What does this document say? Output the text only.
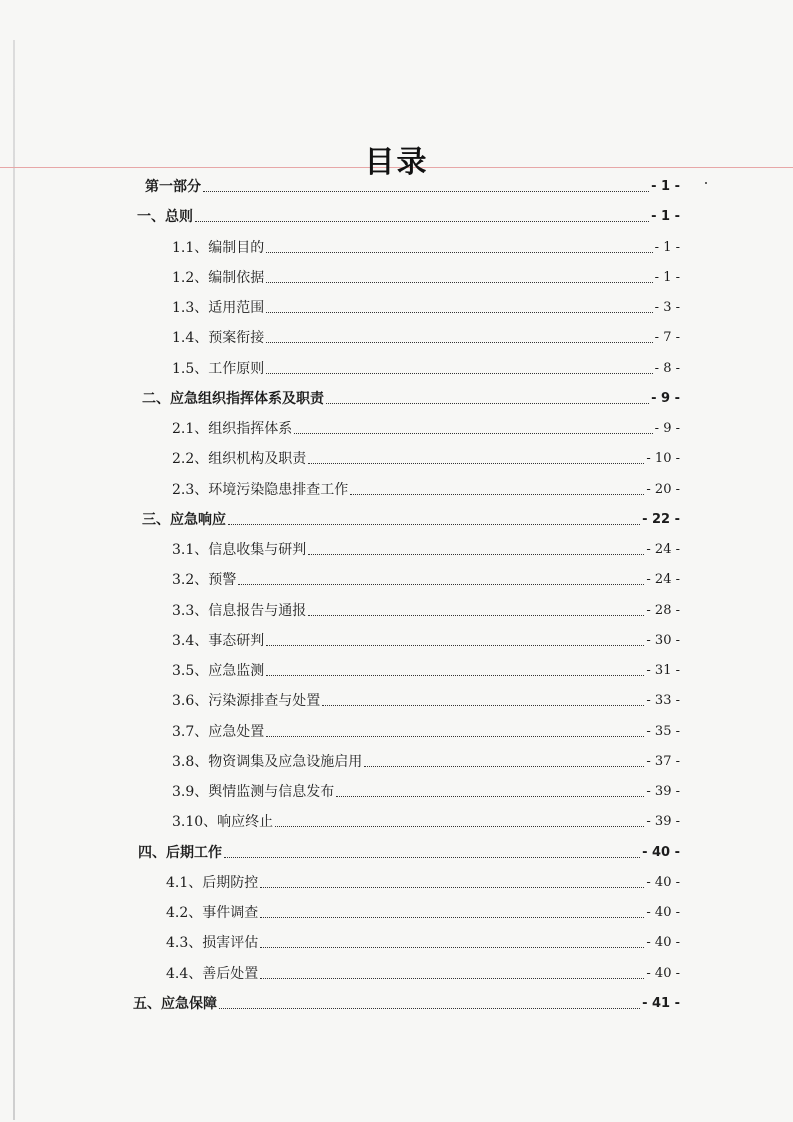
目录
第一部分	- 1 -
一、总则	- 1 -
1.1、编制目的	- 1 -
1.2、编制依据	- 1 -
1.3、适用范围	- 3 -
1.4、预案衔接	- 7 -
1.5、工作原则	- 8 -
二、应急组织指挥体系及职责	- 9 -
2.1、组织指挥体系	- 9 -
2.2、组织机构及职责	- 10 -
2.3、环境污染隐患排查工作	- 20 -
三、应急响应	- 22 -
3.1、信息收集与研判	- 24 -
3.2、预警	- 24 -
3.3、信息报告与通报	- 28 -
3.4、事态研判	- 30 -
3.5、应急监测	- 31 -
3.6、污染源排查与处置	- 33 -
3.7、应急处置	- 35 -
3.8、物资调集及应急设施启用	- 37 -
3.9、舆情监测与信息发布	- 39 -
3.10、响应终止	- 39 -
四、后期工作	- 40 -
4.1、后期防控	- 40 -
4.2、事件调查	- 40 -
4.3、损害评估	- 40 -
4.4、善后处置	- 40 -
五、应急保障	- 41 -
